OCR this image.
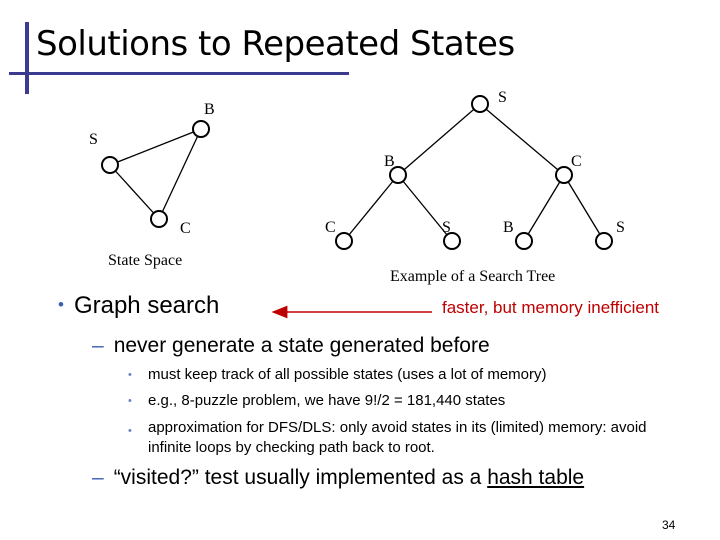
Solutions to Repeated States
B
S
C
State Space
S
B	C
C	S	B	S
Example of a Search Tree
• Graph search	faster, but memory inefficient
– never generate a state generated before
•	must keep track of all possible states (uses a lot of memory)
•	e.g., 8-puzzle problem, we have 9!/2 = 181,440 states
•	approximation for DFS/DLS: only avoid states in its (limited) memory: avoid infinite loops by checking path back to root.
– “visited?” test usually implemented as a hash table
34
